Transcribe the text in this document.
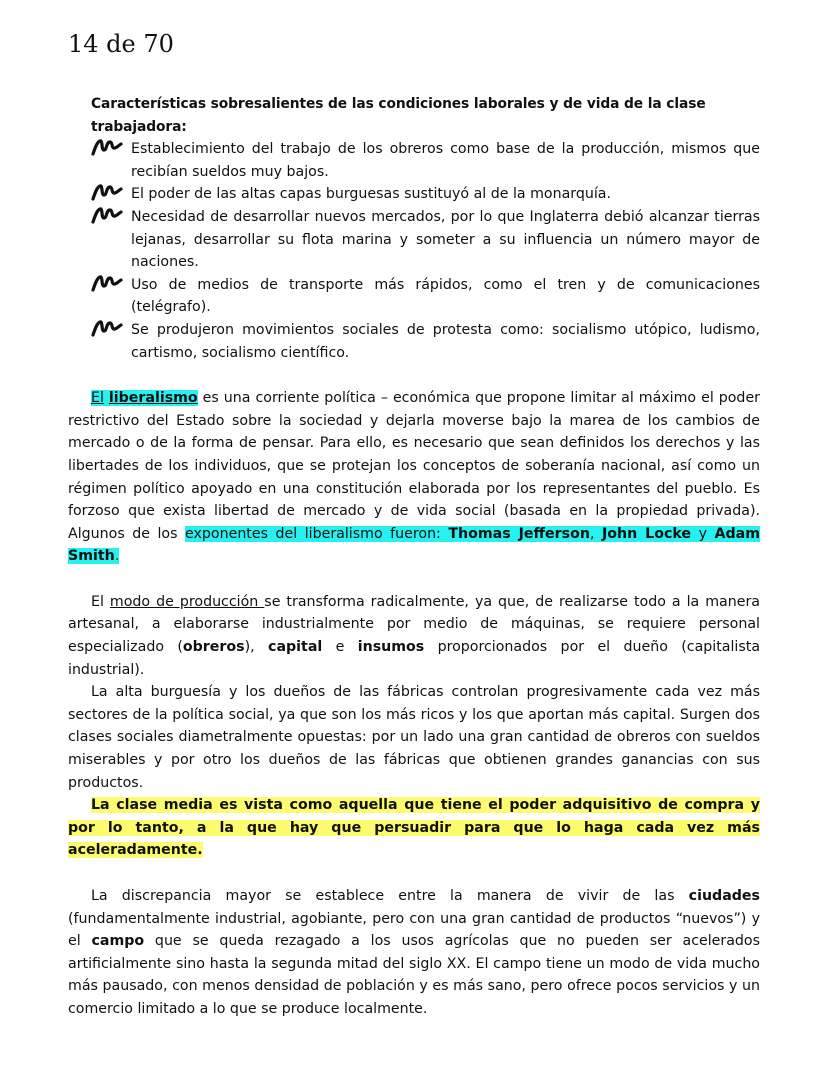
14 de 70
Características sobresalientes de las condiciones laborales y de vida de la clase trabajadora:
Establecimiento del trabajo de los obreros como base de la producción, mismos que recibían sueldos muy bajos.
El poder de las altas capas burguesas sustituyó al de la monarquía.
Necesidad de desarrollar nuevos mercados, por lo que Inglaterra debió alcanzar tierras lejanas, desarrollar su flota marina y someter a su influencia un número mayor de naciones.
Uso de medios de transporte más rápidos, como el tren y de comunicaciones (telégrafo).
Se produjeron movimientos sociales de protesta como: socialismo utópico, ludismo, cartismo, socialismo científico.

El liberalismo es una corriente política – económica que propone limitar al máximo el poder restrictivo del Estado sobre la sociedad y dejarla moverse bajo la marea de los cambios de mercado o de la forma de pensar. Para ello, es necesario que sean definidos los derechos y las libertades de los individuos, que se protejan los conceptos de soberanía nacional, así como un régimen político apoyado en una constitución elaborada por los representantes del pueblo. Es forzoso que exista libertad de mercado y de vida social (basada en la propiedad privada). Algunos de los exponentes del liberalismo fueron: Thomas Jefferson, John Locke y Adam Smith.

El modo de producción se transforma radicalmente, ya que, de realizarse todo a la manera artesanal, a elaborarse industrialmente por medio de máquinas, se requiere personal especializado (obreros), capital e insumos proporcionados por el dueño (capitalista industrial).

La alta burguesía y los dueños de las fábricas controlan progresivamente cada vez más sectores de la política social, ya que son los más ricos y los que aportan más capital. Surgen dos clases sociales diametralmente opuestas: por un lado una gran cantidad de obreros con sueldos miserables y por otro los dueños de las fábricas que obtienen grandes ganancias con sus productos.

La clase media es vista como aquella que tiene el poder adquisitivo de compra y por lo tanto, a la que hay que persuadir para que lo haga cada vez más aceleradamente.

La discrepancia mayor se establece entre la manera de vivir de las ciudades (fundamentalmente industrial, agobiante, pero con una gran cantidad de productos “nuevos”) y el campo que se queda rezagado a los usos agrícolas que no pueden ser acelerados artificialmente sino hasta la segunda mitad del siglo XX. El campo tiene un modo de vida mucho más pausado, con menos densidad de población y es más sano, pero ofrece pocos servicios y un comercio limitado a lo que se produce localmente.
